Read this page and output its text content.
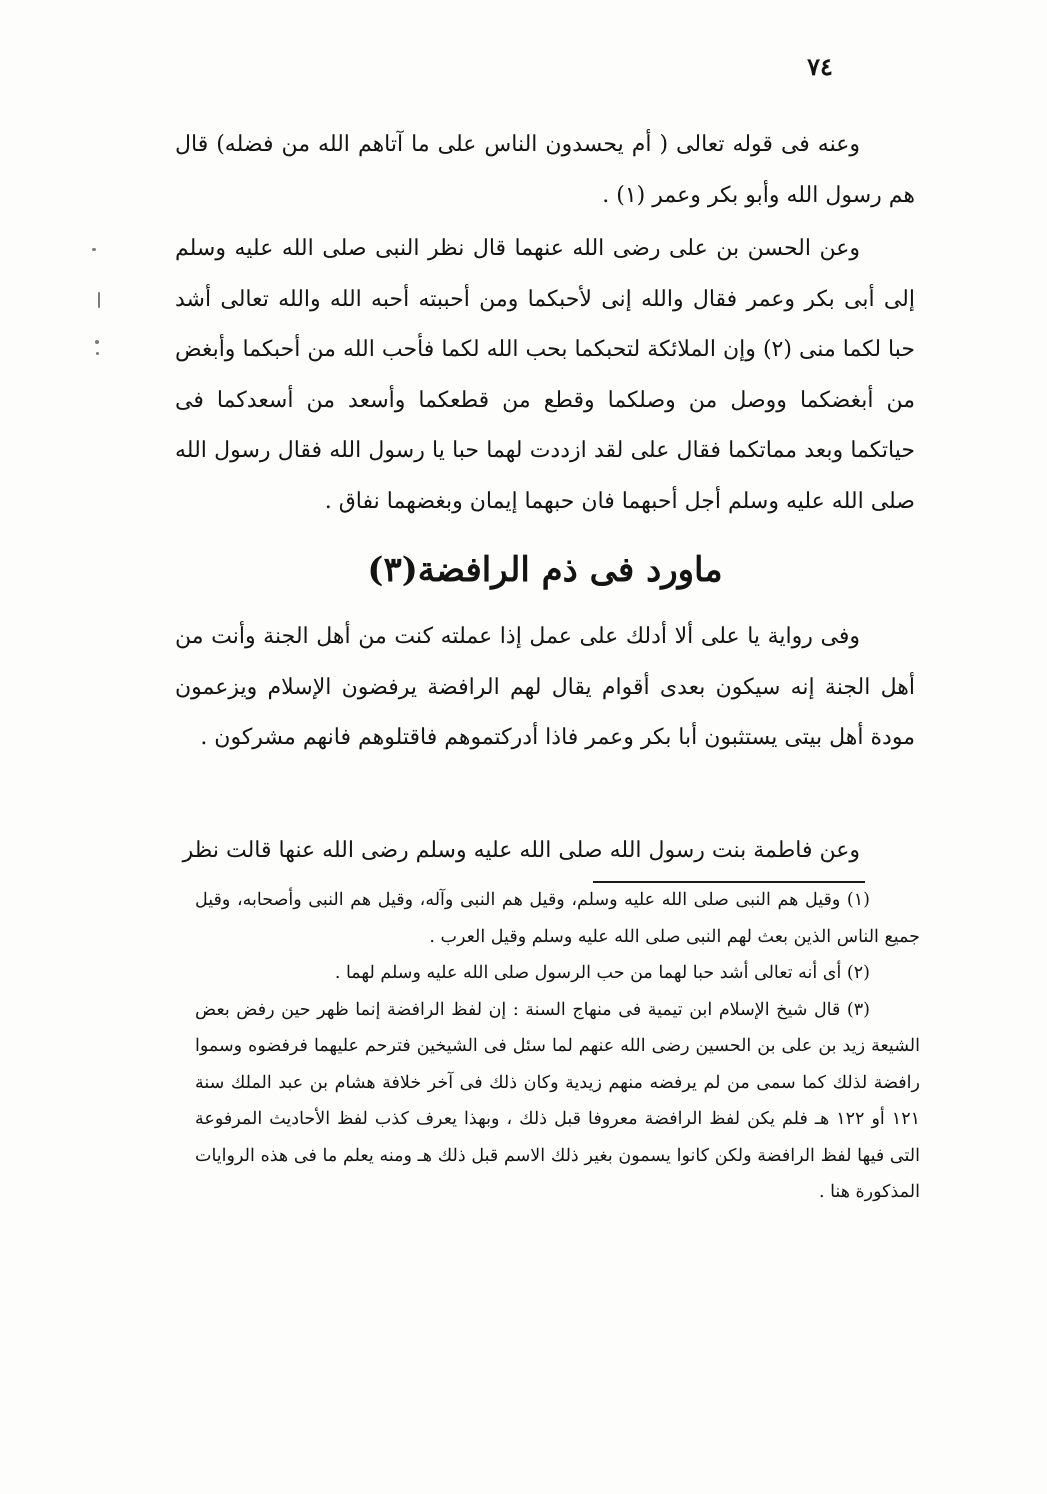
٧٤

وعنه فى قوله تعالى ( أم يحسدون الناس على ما آتاهم الله من فضله) قال هم رسول الله وأبو بكر وعمر (١) .

وعن الحسن بن على رضى الله عنهما قال نظر النبى صلى الله عليه وسلم إلى أبى بكر وعمر فقال والله إنى لأحبكما ومن أحببته أحبه الله والله تعالى أشد حبا لكما منى (٢) وإن الملائكة لتحبكما بحب الله لكما فأحب الله من أحبكما وأبغض من أبغضكما ووصل من وصلكما وقطع من قطعكما وأسعد من أسعدكما فى حياتكما وبعد مماتكما فقال على لقد ازددت لهما حبا يا رسول الله فقال رسول الله صلى الله عليه وسلم أجل أحبهما فان حبهما إيمان وبغضهما نفاق .

ماورد فى ذم الرافضة(٣)

وفى رواية يا على ألا أدلك على عمل إذا عملته كنت من أهل الجنة وأنت من أهل الجنة إنه سيكون بعدى أقوام يقال لهم الرافضة يرفضون الإسلام ويزعمون مودة أهل بيتى يستثبون أبا بكر وعمر فاذا أدركتموهم فاقتلوهم فانهم مشركون .

وعن فاطمة بنت رسول الله صلى الله عليه وسلم رضى الله عنها قالت نظر

(١) وقيل هم النبى صلى الله عليه وسلم، وقيل هم النبى وآله، وقيل هم النبى وأصحابه، وقيل جميع الناس الذين بعث لهم النبى صلى الله عليه وسلم وقيل العرب .

(٢) أى أنه تعالى أشد حبا لهما من حب الرسول صلى الله عليه وسلم لهما .

(٣) قال شيخ الإسلام ابن تيمية فى منهاج السنة : إن لفظ الرافضة إنما ظهر حين رفض بعض الشيعة زيد بن على بن الحسين رضى الله عنهم لما سئل فى الشيخين فترحم عليهما فرفضوه وسموا رافضة لذلك كما سمى من لم يرفضه منهم زيدية وكان ذلك فى آخر خلافة هشام بن عبد الملك سنة ١٢١ أو ١٢٢ هـ فلم يكن لفظ الرافضة معروفا قبل ذلك ، وبهذا يعرف كذب لفظ الأحاديث المرفوعة التى فيها لفظ الرافضة ولكن كانوا يسمون بغير ذلك الاسم قبل ذلك هـ ومنه يعلم ما فى هذه الروايات المذكورة هنا .
